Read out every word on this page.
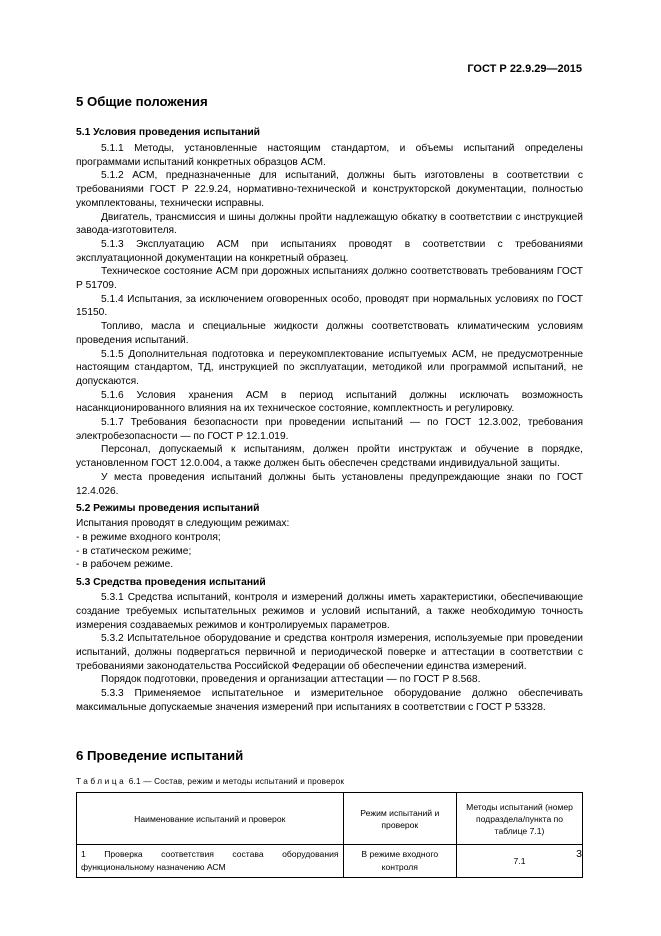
ГОСТ Р 22.9.29—2015
5 Общие положения
5.1 Условия проведения испытаний

5.1.1 Методы, установленные настоящим стандартом, и объемы испытаний определены программами испытаний конкретных образцов АСМ.

5.1.2 АСМ, предназначенные для испытаний, должны быть изготовлены в соответствии с требованиями ГОСТ Р 22.9.24, нормативно-технической и конструкторской документации, полностью укомплектованы, технически исправны.

Двигатель, трансмиссия и шины должны пройти надлежащую обкатку в соответствии с инструкцией завода-изготовителя.

5.1.3 Эксплуатацию АСМ при испытаниях проводят в соответствии с требованиями эксплуатационной документации на конкретный образец.

Техническое состояние АСМ при дорожных испытаниях должно соответствовать требованиям ГОСТ Р 51709.

5.1.4 Испытания, за исключением оговоренных особо, проводят при нормальных условиях по ГОСТ 15150.

Топливо, масла и специальные жидкости должны соответствовать климатическим условиям проведения испытаний.

5.1.5 Дополнительная подготовка и переукомплектование испытуемых АСМ, не предусмотренные настоящим стандартом, ТД, инструкцией по эксплуатации, методикой или программой испытаний, не допускаются.

5.1.6 Условия хранения АСМ в период испытаний должны исключать возможность насанкционированного влияния на их техническое состояние, комплектность и регулировку.

5.1.7 Требования безопасности при проведении испытаний — по ГОСТ 12.3.002, требования электробезопасности — по ГОСТ Р 12.1.019.

Персонал, допускаемый к испытаниям, должен пройти инструктаж и обучение в порядке, установленном ГОСТ 12.0.004, а также должен быть обеспечен средствами индивидуальной защиты.

У места проведения испытаний должны быть установлены предупреждающие знаки по ГОСТ 12.4.026.

5.2 Режимы проведения испытаний

Испытания проводят в следующим режимах:

- в режиме входного контроля;

- в статическом режиме;

- в рабочем режиме.

5.3 Средства проведения испытаний

5.3.1 Средства испытаний, контроля и измерений должны иметь характеристики, обеспечивающие создание требуемых испытательных режимов и условий испытаний, а также необходимую точность измерения создаваемых режимов и контролируемых параметров.

5.3.2 Испытательное оборудование и средства контроля измерения, используемые при проведении испытаний, должны подвергаться первичной и периодической поверке и аттестации в соответствии с требованиями законодательства Российской Федерации об обеспечении единства измерений.

Порядок подготовки, проведения и организации аттестации — по ГОСТ Р 8.568.

5.3.3 Применяемое испытательное и измерительное оборудование должно обеспечивать максимальные допускаемые значения измерений при испытаниях в соответствии с ГОСТ Р 53328.

6 Проведение испытаний
Таблица 6.1 — Состав, режим и методы испытаний и проверок
Наименование испытаний и проверок	Режим испытаний и проверок	Методы испытаний (номер подраздела/пункта по таблице 7.1)
1 Проверка соответствия состава оборудования функциональному назначению АСМ	В режиме входного контроля	7.1
3
